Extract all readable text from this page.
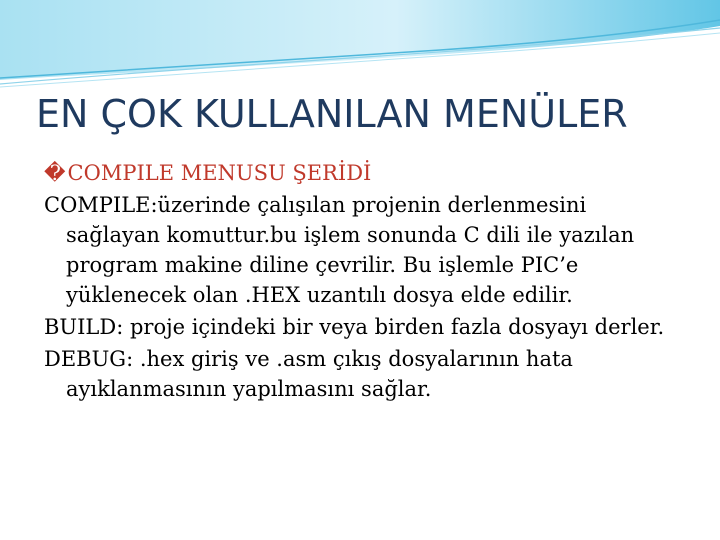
EN ÇOK KULLANILAN MENÜLER

�COMPILE MENUSU ŞERİDİ

COMPILE:üzerinde çalışılan projenin derlenmesini sağlayan komuttur.bu işlem sonunda C dili ile yazılan program makine diline çevrilir. Bu işlemle PIC’e yüklenecek olan .HEX uzantılı dosya elde edilir.

BUILD: proje içindeki bir veya birden fazla dosyayı derler.

DEBUG: .hex giriş ve .asm çıkış dosyalarının hata ayıklanmasının yapılmasını sağlar.
